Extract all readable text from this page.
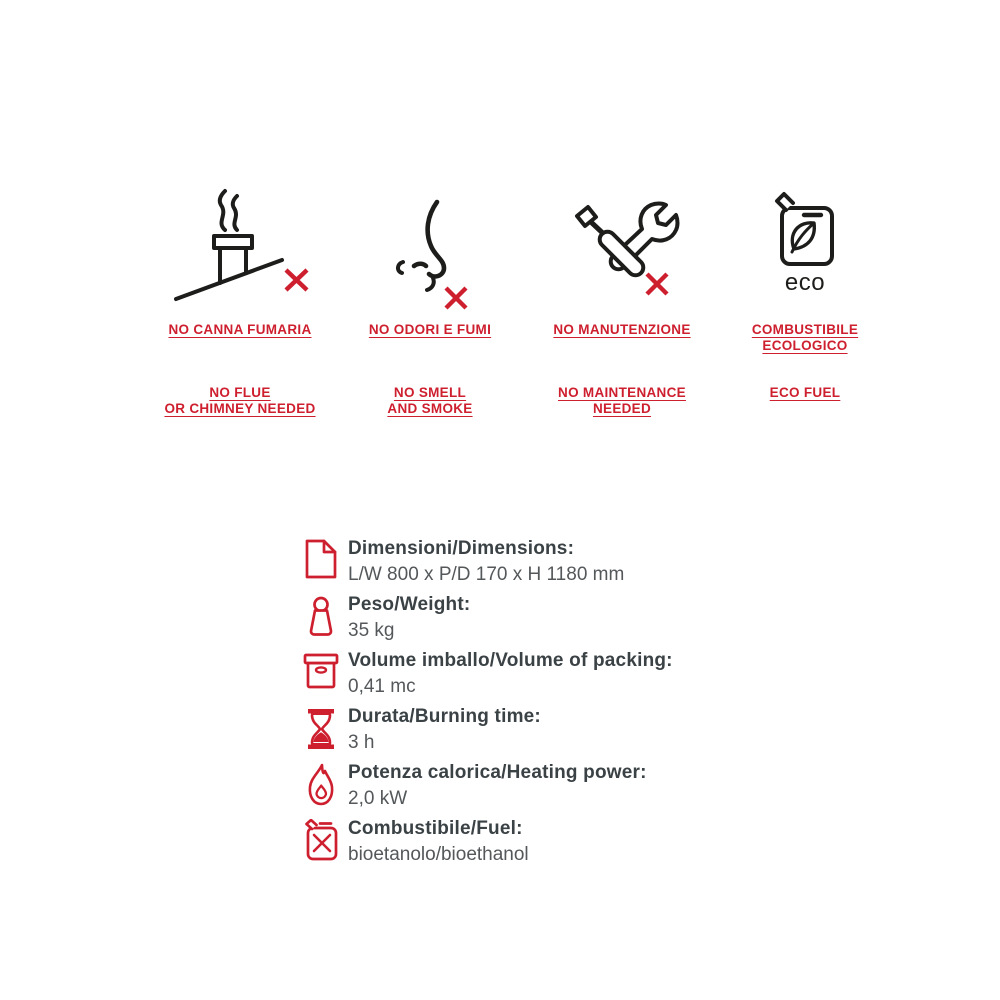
NO CANNA FUMARIA
NO FLUE
OR CHIMNEY NEEDED
NO ODORI E FUMI
NO SMELL
AND SMOKE
NO MANUTENZIONE
NO MAINTENANCE
NEEDED
eco
COMBUSTIBILE
ECOLOGICO
ECO FUEL
Dimensioni/Dimensions:
L/W 800 x P/D 170 x H 1180 mm
Peso/Weight:
35 kg
Volume imballo/Volume of packing:
0,41 mc
Durata/Burning time:
3 h
Potenza calorica/Heating power:
2,0 kW
Combustibile/Fuel:
bioetanolo/bioethanol
